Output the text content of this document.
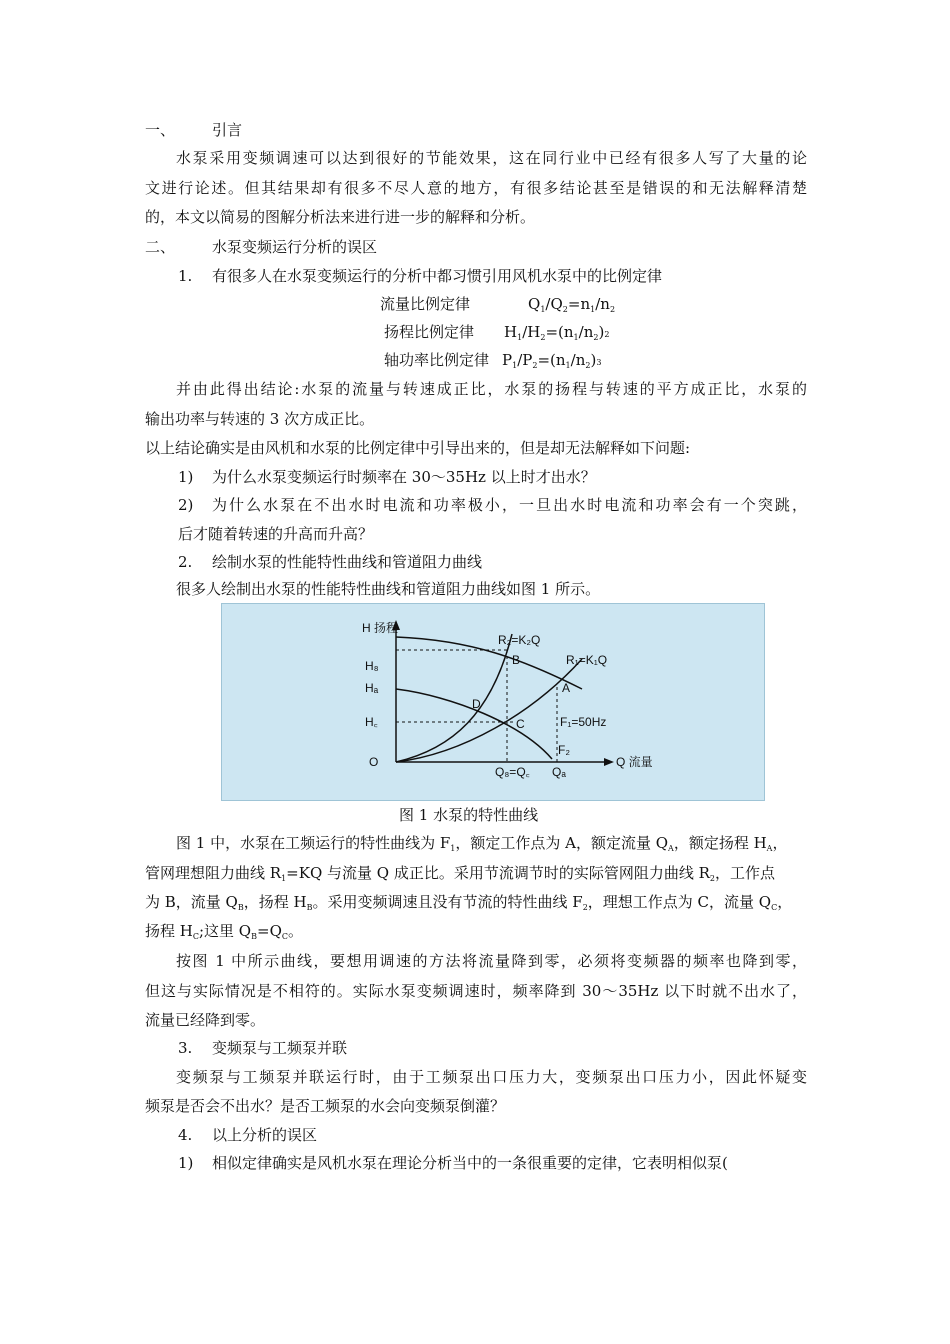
一、 引言
水泵采用变频调速可以达到很好的节能效果，这在同行业中已经有很多人写了大量的论
文进行论述。但其结果却有很多不尽人意的地方，有很多结论甚至是错误的和无法解释清楚
的，本文以简易的图解分析法来进行进一步的解释和分析。
二、 水泵变频运行分析的误区
1. 有很多人在水泵变频运行的分析中都习惯引用风机水泵中的比例定律
流量比例定律	$Q_1/Q_2=n_1/n_2$
扬程比例定律 $H_1/H_2=(n_1/n_2)2$
轴功率比例定律 $P_1/P_2=(n_1/n_2)3$
并由此得出结论:水泵的流量与转速成正比，水泵的扬程与转速的平方成正比，水泵的
输出功率与转速的 3 次方成正比。
以上结论确实是由风机和水泵的比例定律中引导出来的，但是却无法解释如下问题:
1) 为什么水泵变频运行时频率在 30～35Hz 以上时才出水？
2) 为什么水泵在不出水时电流和功率极小，一旦出水时电流和功率会有一个突跳，
后才随着转速的升高而升高？
2. 绘制水泵的性能特性曲线和管道阻力曲线
很多人绘制出水泵的性能特性曲线和管道阻力曲线如图 1 所示。
H 扬程
Q 流量
R₂=K₂Q
R₁=K₁Q
F₁=50Hz
F₂
H₈
Hₐ
H꜀
O
Q₈=Q꜀ Qₐ
B
A
C
D
图 1 水泵的特性曲线
图 1 中，水泵在工频运行的特性曲线为 $F_1$，额定工作点为 A，额定流量 $Q_A$，额定扬程 $H_A$，
管网理想阻力曲线 $R_1=KQ$ 与流量 Q 成正比。采用节流调节时的实际管网阻力曲线 $R_2$，工作点
为 B，流量 $Q_B$，扬程 $H_B$。采用变频调速且没有节流的特性曲线 $F_2$，理想工作点为 C，流量 $Q_C$，
扬程 $H_C$;这里 $Q_B=Q_C$。
按图 1 中所示曲线，要想用调速的方法将流量降到零，必须将变频器的频率也降到零，
但这与实际情况是不相符的。实际水泵变频调速时，频率降到 30～35Hz 以下时就不出水了，
流量已经降到零。
3. 变频泵与工频泵并联
变频泵与工频泵并联运行时，由于工频泵出口压力大，变频泵出口压力小，因此怀疑变
频泵是否会不出水？是否工频泵的水会向变频泵倒灌？
4. 以上分析的误区
1) 相似定律确实是风机水泵在理论分析当中的一条很重要的定律，它表明相似泵(
